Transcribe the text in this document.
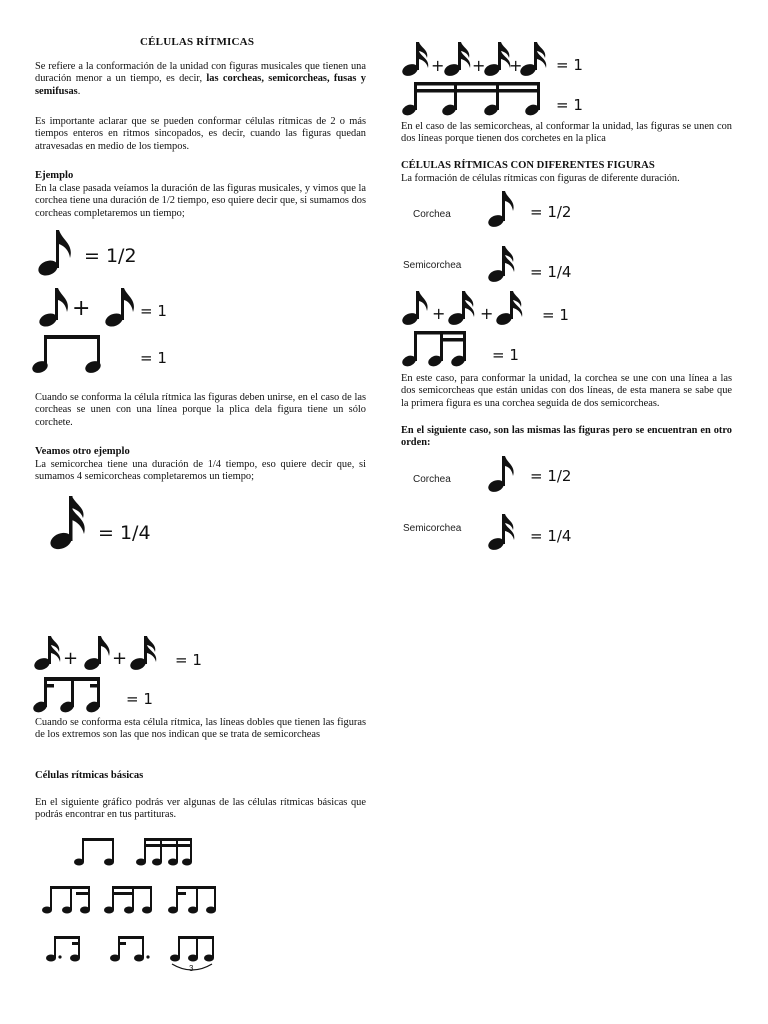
CÉLULAS RÍTMICAS
Se refiere a la conformación de la unidad con figuras musicales que tienen una duración menor a un tiempo, es decir, las corcheas, semicorcheas, fusas y semifusas.
Es importante aclarar que se pueden conformar células rítmicas de 2 o más tiempos enteros en ritmos sincopados, es decir, cuando las figuras quedan atravesadas en medio de los tiempos.
Ejemplo
En la clase pasada veíamos la duración de las figuras musicales, y vimos que la corchea tiene una duración de 1/2 tiempo, eso quiere decir que, si sumamos dos corcheas completaremos un tiempo;
= 1/2
+	= 1
= 1
Cuando se conforma la célula rítmica las figuras deben unirse, en el caso de las corcheas se unen con una línea porque la plica dela figura tiene un sólo corchete.
Veamos otro ejemplo
La semicorchea tiene una duración de 1/4 tiempo, eso quiere decir que, si sumamos 4 semicorcheas completaremos un tiempo;
= 1/4
+ +	= 1
= 1
Cuando se conforma esta célula rítmica, las líneas dobles que tienen las figuras de los extremos son las que nos indican que se trata de semicorcheas
Células rítmicas básicas
En el siguiente gráfico podrás ver algunas de las células rítmicas básicas que podrás encontrar en tus partituras.
3
+ + + = 1
= 1
En el caso de las semicorcheas, al conformar la unidad, las figuras se unen con dos líneas porque tienen dos corchetes en la plica
CÉLULAS RÍTMICAS CON DIFERENTES FIGURAS
La formación de células rítmicas con figuras de diferente duración.
Corchea	= 1/2
Semicorchea	= 1/4
+ +	= 1
= 1
En este caso, para conformar la unidad, la corchea se une con una línea a las dos semicorcheas que están unidas con dos líneas, de esta manera se sabe que la primera figura es una corchea seguida de dos semicorcheas.
En el siguiente caso, son las mismas las figuras pero se encuentran en otro orden:
Corchea	= 1/2
Semicorchea	= 1/4
